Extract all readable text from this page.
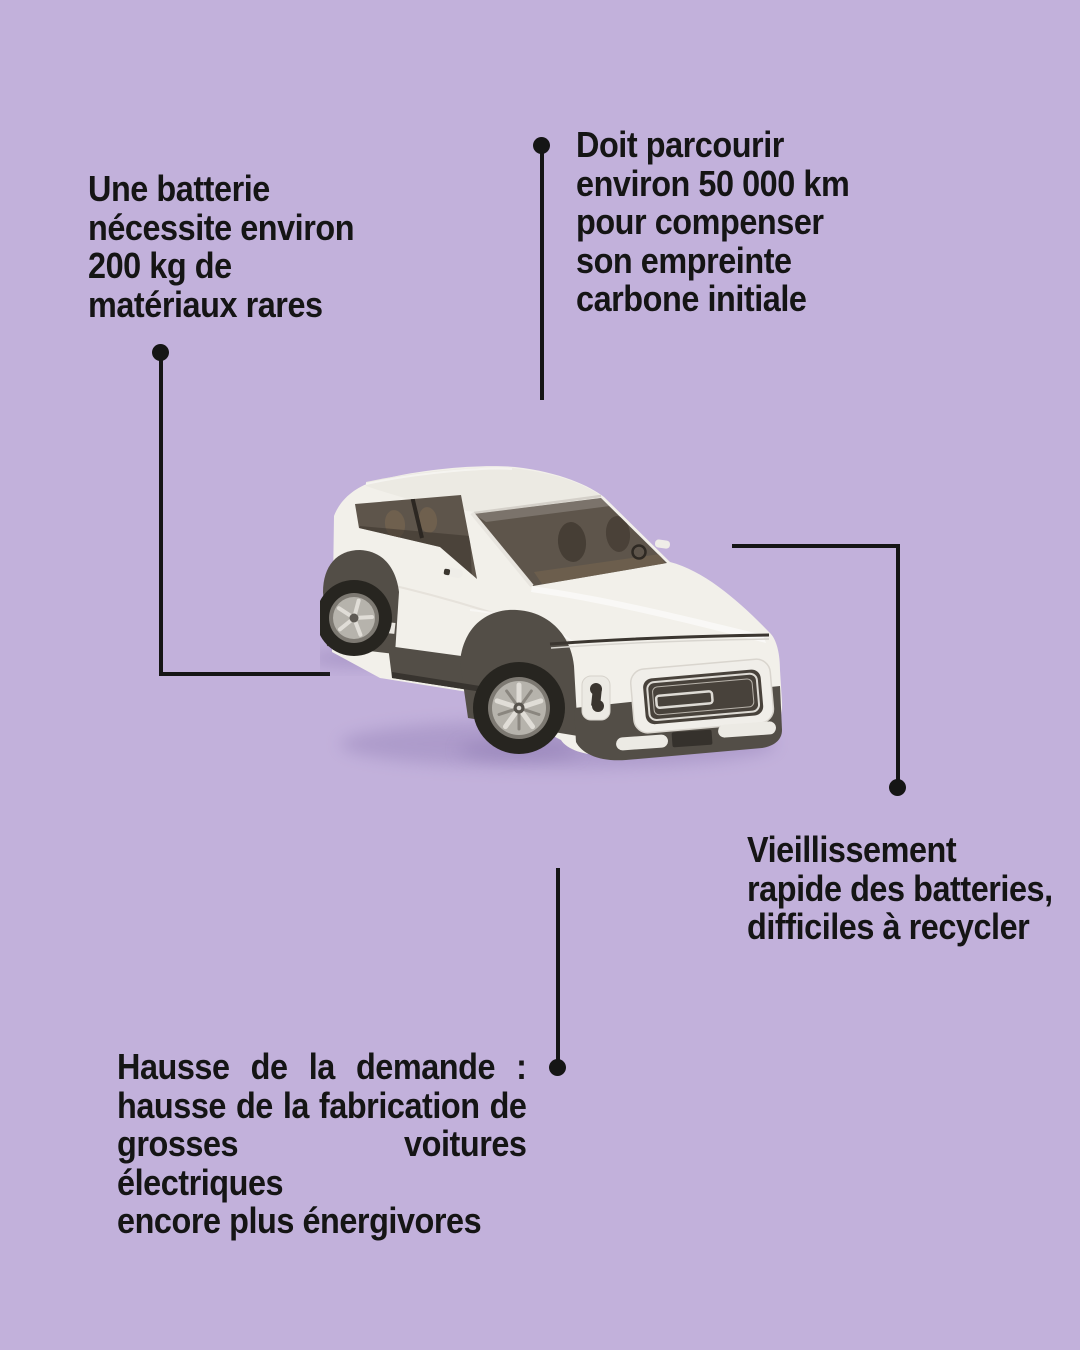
Une batterie
nécessite environ
200 kg de
matériaux rares
Doit parcourir
environ 50 000 km
pour compenser
son empreinte
carbone initiale
Vieillissement
rapide des batteries,
difficiles à recycler
Hausse de la demande :
hausse de la fabrication de
grosses voitures électriques
encore plus énergivores
